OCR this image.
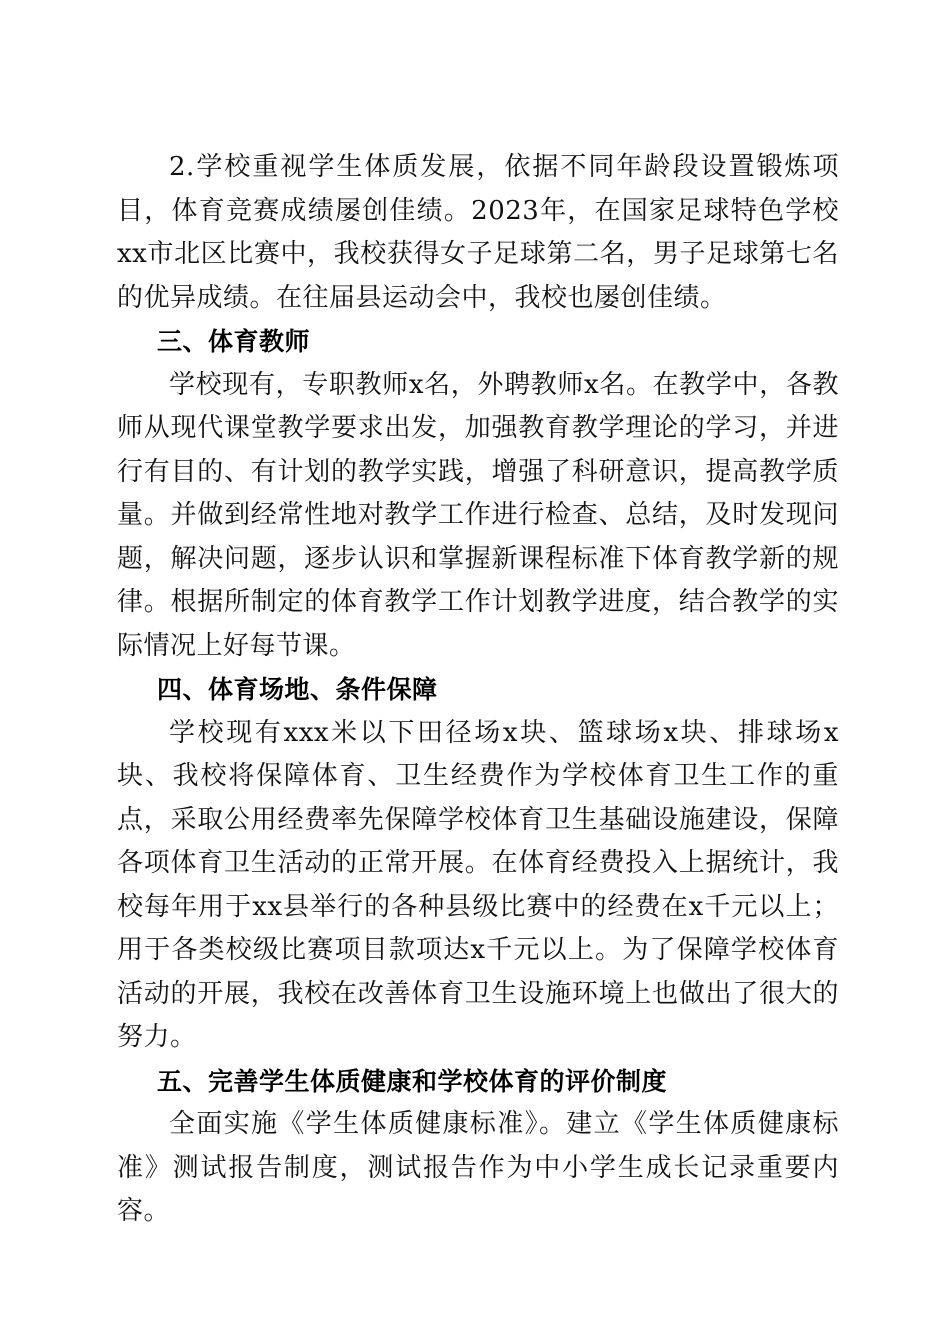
2.学校重视学生体质发展，依据不同年龄段设置锻炼项目，体育竞赛成绩屡创佳绩。2023年，在国家足球特色学校xx市北区比赛中，我校获得女子足球第二名，男子足球第七名的优异成绩。在往届县运动会中，我校也屡创佳绩。

三、体育教师

学校现有，专职教师x名，外聘教师x名。在教学中，各教师从现代课堂教学要求出发，加强教育教学理论的学习，并进行有目的、有计划的教学实践，增强了科研意识，提高教学质量。并做到经常性地对教学工作进行检查、总结，及时发现问题，解决问题，逐步认识和掌握新课程标准下体育教学新的规律。根据所制定的体育教学工作计划教学进度，结合教学的实际情况上好每节课。

四、体育场地、条件保障

学校现有xxx米以下田径场x块、篮球场x块、排球场x块、我校将保障体育、卫生经费作为学校体育卫生工作的重点，采取公用经费率先保障学校体育卫生基础设施建设，保障各项体育卫生活动的正常开展。在体育经费投入上据统计，我校每年用于xx县举行的各种县级比赛中的经费在x千元以上；用于各类校级比赛项目款项达x千元以上。为了保障学校体育活动的开展，我校在改善体育卫生设施环境上也做出了很大的努力。

五、完善学生体质健康和学校体育的评价制度

全面实施《学生体质健康标准》。建立《学生体质健康标准》测试报告制度，测试报告作为中小学生成长记录重要内容。
